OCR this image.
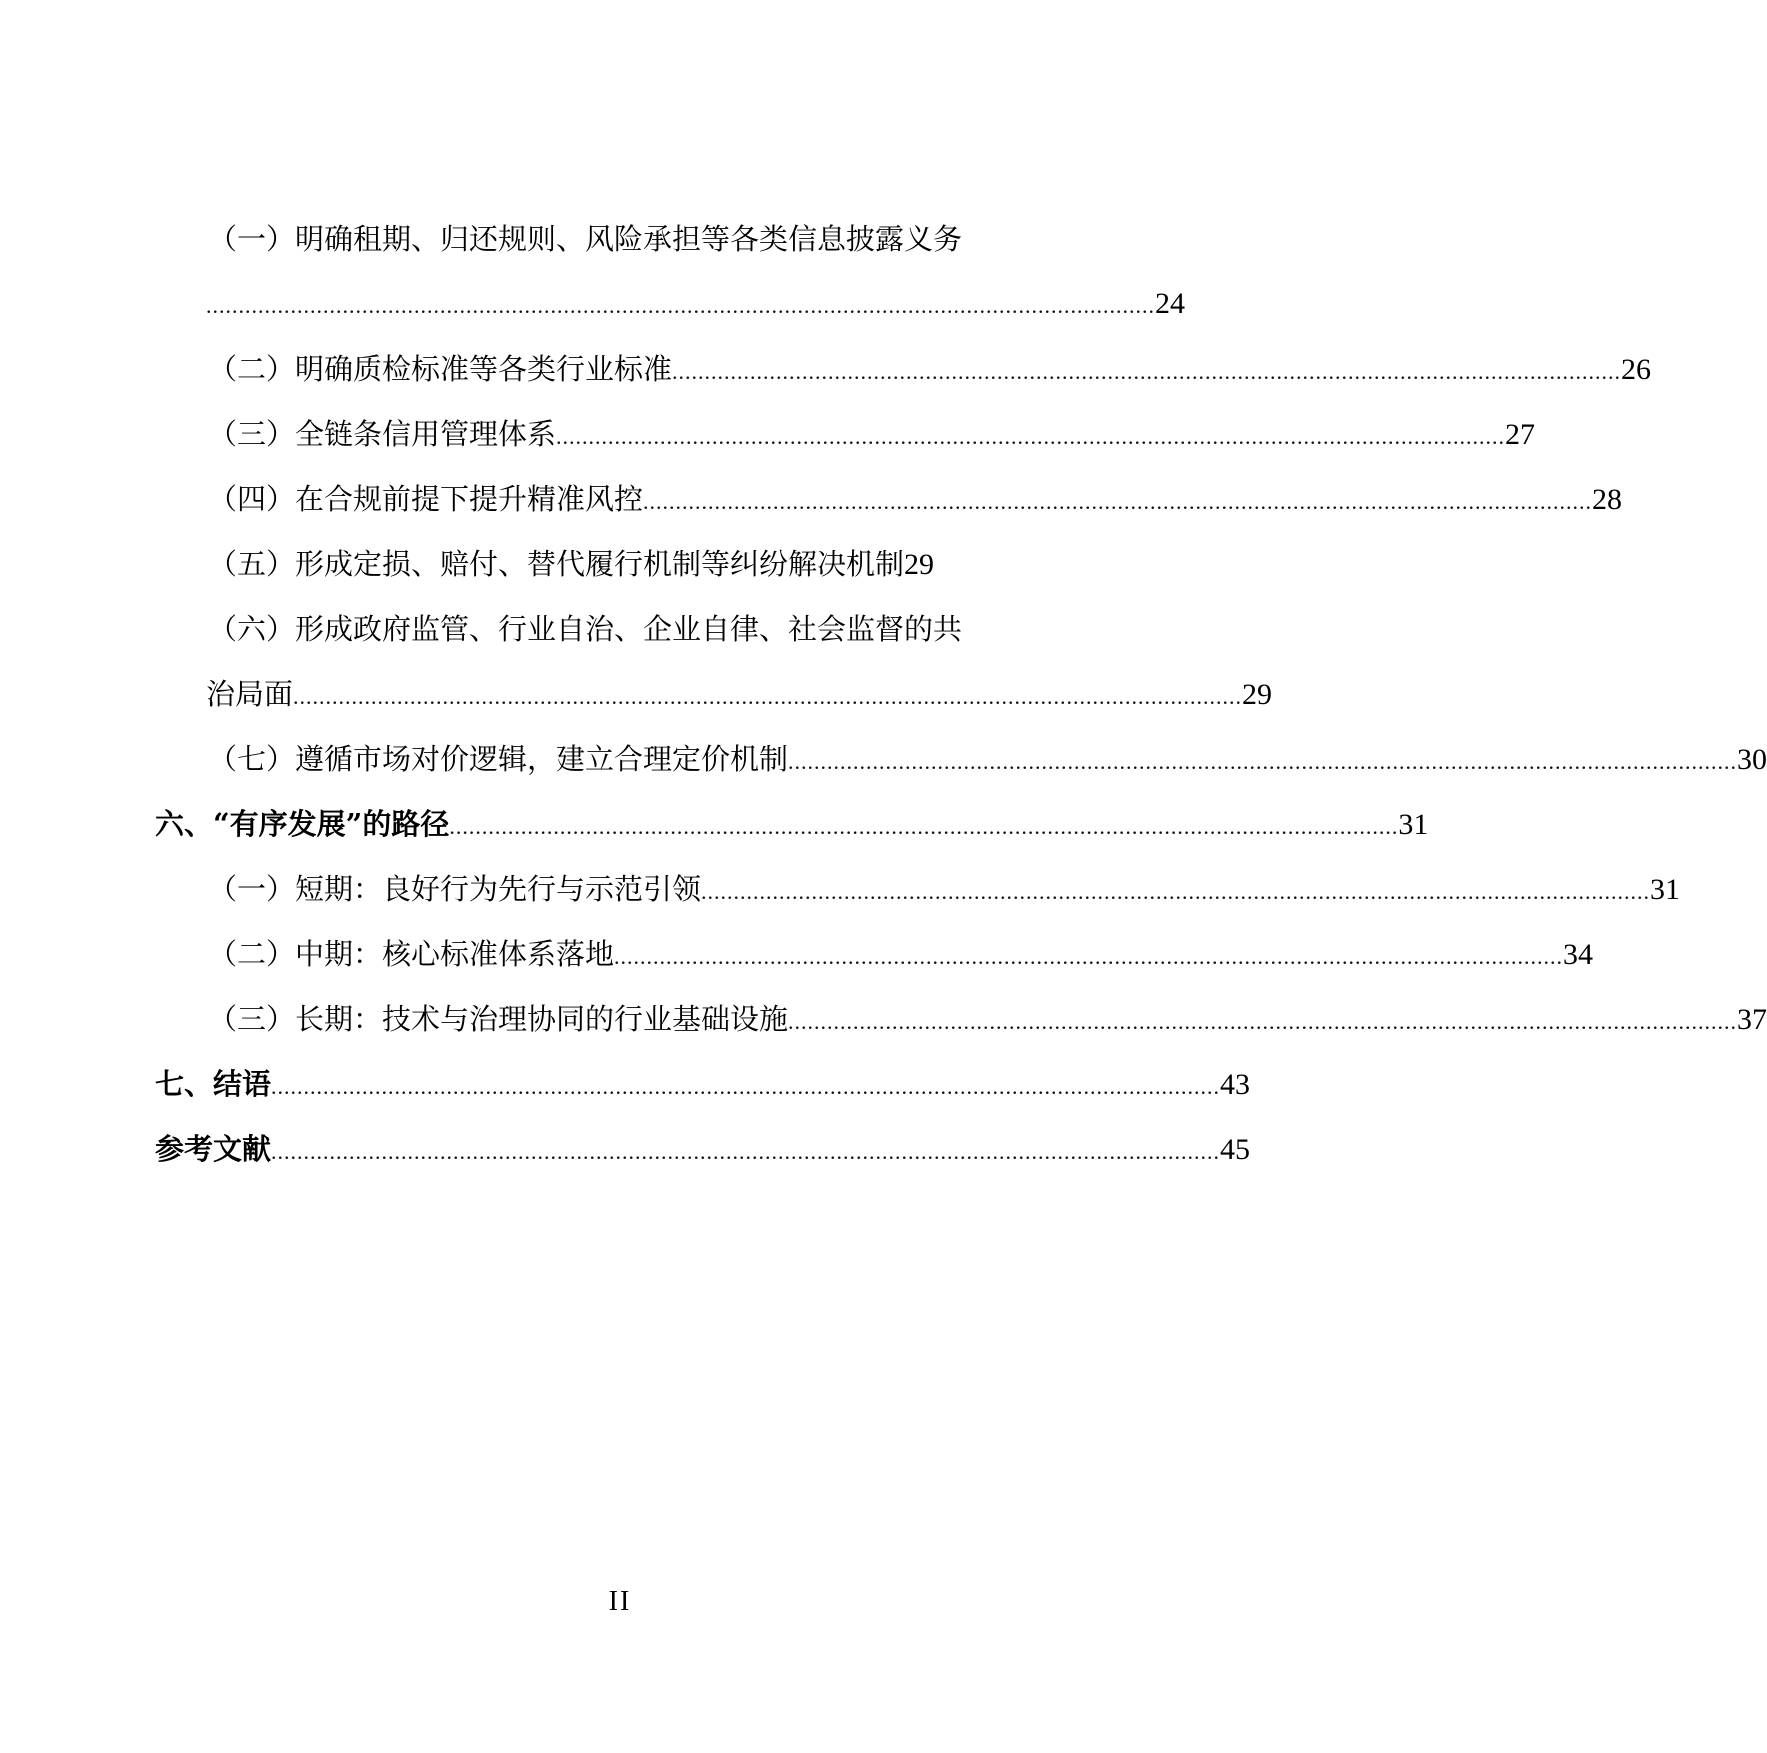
（一）明确租期、归还规则、风险承担等各类信息披露义务
.................................................................................................................................................. 24
（二）明确质检标准等各类行业标准 .................................................................................................................................................. 26
（三）全链条信用管理体系 .................................................................................................................................................. 27
（四）在合规前提下提升精准风控 .................................................................................................................................................. 28
（五）形成定损、赔付、替代履行机制等纠纷解决机制29
（六）形成政府监管、行业自治、企业自律、社会监督的共
治局面 .................................................................................................................................................. 29
（七）遵循市场对价逻辑，建立合理定价机制 .................................................................................................................................................. 30
六、“有序发展”的路径 .................................................................................................................................................. 31
（一）短期：良好行为先行与示范引领 .................................................................................................................................................. 31
（二）中期：核心标准体系落地 .................................................................................................................................................. 34
（三）长期：技术与治理协同的行业基础设施 .................................................................................................................................................. 37
七、结语 .................................................................................................................................................. 43
参考文献 .................................................................................................................................................. 45
II
